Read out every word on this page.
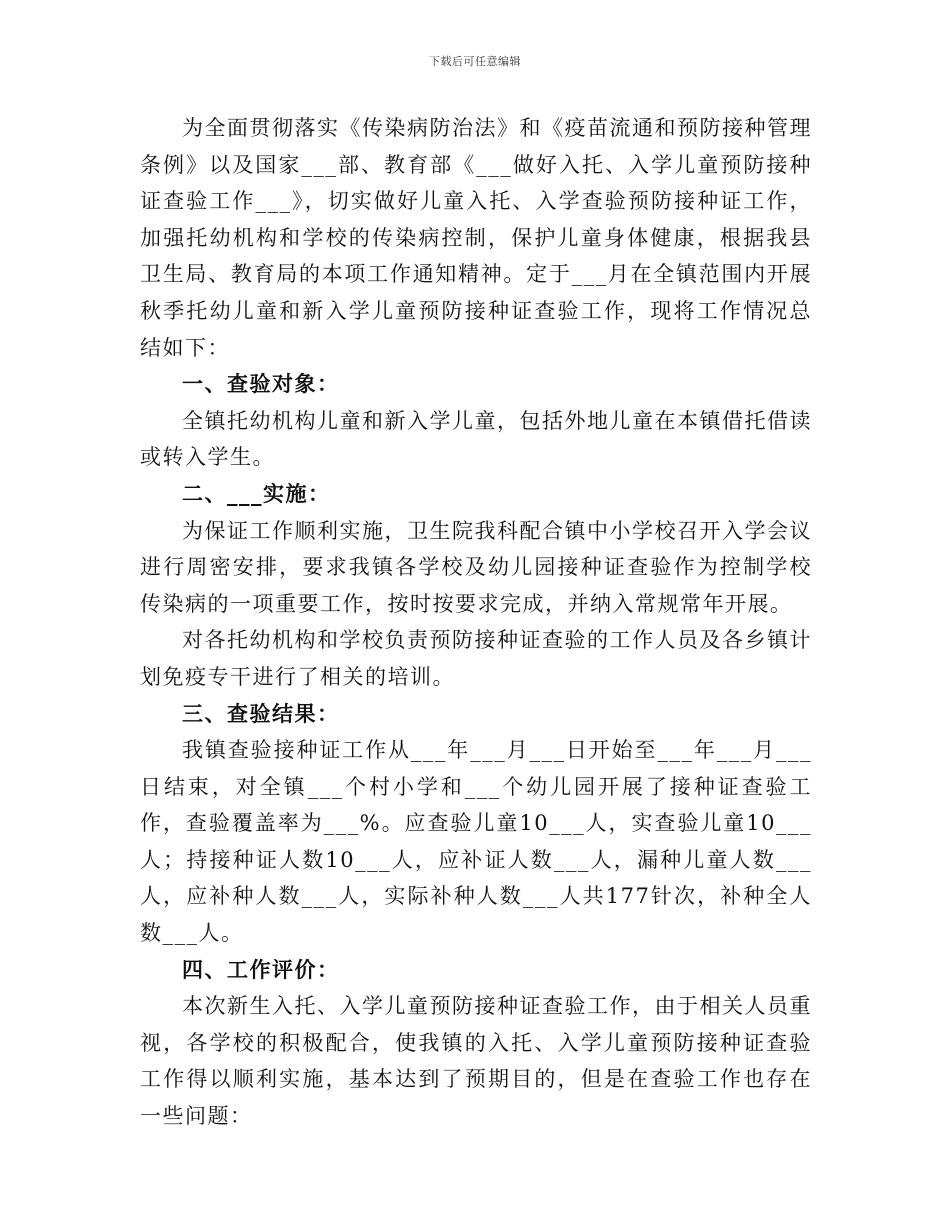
下载后可任意编辑

为全面贯彻落实《传染病防治法》和《疫苗流通和预防接种管理条例》以及国家___部、教育部《___做好入托、入学儿童预防接种证查验工作___》，切实做好儿童入托、入学查验预防接种证工作，加强托幼机构和学校的传染病控制，保护儿童身体健康，根据我县卫生局、教育局的本项工作通知精神。定于___月在全镇范围内开展秋季托幼儿童和新入学儿童预防接种证查验工作，现将工作情况总结如下：

一、查验对象：

全镇托幼机构儿童和新入学儿童，包括外地儿童在本镇借托借读或转入学生。

二、___实施：

为保证工作顺利实施，卫生院我科配合镇中小学校召开入学会议进行周密安排，要求我镇各学校及幼儿园接种证查验作为控制学校传染病的一项重要工作，按时按要求完成，并纳入常规常年开展。

对各托幼机构和学校负责预防接种证查验的工作人员及各乡镇计划免疫专干进行了相关的培训。

三、查验结果：

我镇查验接种证工作从___年___月___日开始至___年___月___日结束，对全镇___个村小学和___个幼儿园开展了接种证查验工作，查验覆盖率为___%。应查验儿童10___人，实查验儿童10___人；持接种证人数10___人，应补证人数___人，漏种儿童人数___人，应补种人数___人，实际补种人数___人共177针次，补种全人数___人。

四、工作评价：

本次新生入托、入学儿童预防接种证查验工作，由于相关人员重视，各学校的积极配合，使我镇的入托、入学儿童预防接种证查验工作得以顺利实施，基本达到了预期目的，但是在查验工作也存在一些问题：
